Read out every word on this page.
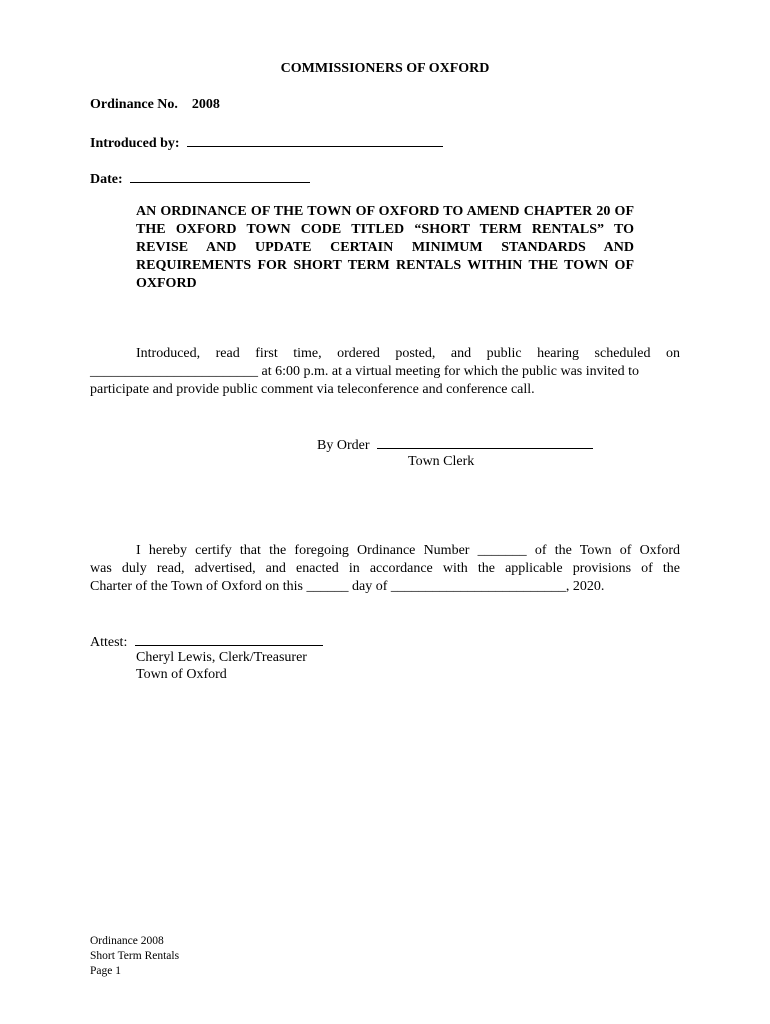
COMMISSIONERS OF OXFORD
Ordinance No. 2008
Introduced by:
Date:
AN ORDINANCE OF THE TOWN OF OXFORD TO AMEND CHAPTER 20 OF THE OXFORD TOWN CODE TITLED “SHORT TERM RENTALS” TO REVISE AND UPDATE CERTAIN MINIMUM STANDARDS AND REQUIREMENTS FOR SHORT TERM RENTALS WITHIN THE TOWN OF OXFORD
Introduced, read first time, ordered posted, and public hearing scheduled on
________________________ at 6:00 p.m. at a virtual meeting for which the public was invited to
participate and provide public comment via teleconference and conference call.
By Order
Town Clerk
I hereby certify that the foregoing Ordinance Number _______ of the Town of Oxford
was duly read, advertised, and enacted in accordance with the applicable provisions of the
Charter of the Town of Oxford on this ______ day of _________________________, 2020.
Attest:
Cheryl Lewis, Clerk/Treasurer
Town of Oxford
Ordinance 2008
Short Term Rentals
Page 1
